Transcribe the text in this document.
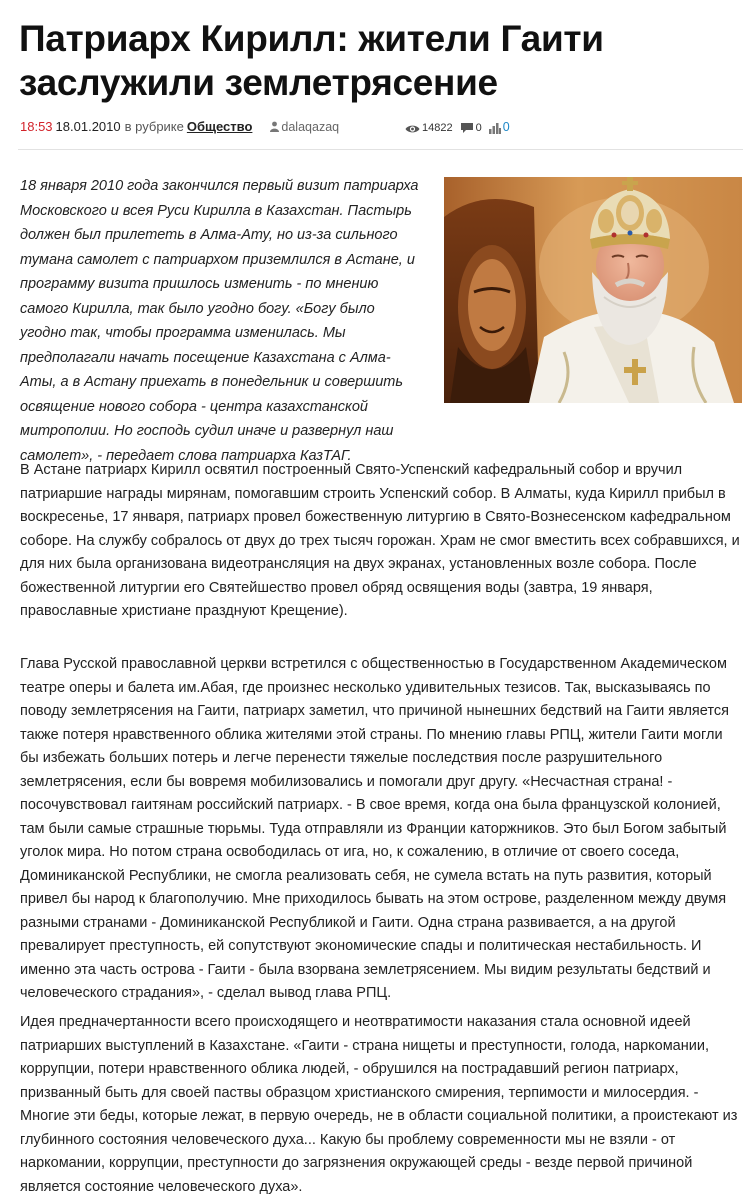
Патриарх Кирилл: жители Гаити заслужили землетрясение
18:53 18.01.2010 в рубрике Общество dalaqazaq	14822 0 0

18 января 2010 года закончился первый визит патриарха Московского и всея Руси Кирилла в Казахстан. Пастырь должен был прилететь в Алма-Ату, но из-за сильного тумана самолет с патриархом приземлился в Астане, и программу визита пришлось изменить - по мнению самого Кирилла, так было угодно богу. «Богу было угодно так, чтобы программа изменилась. Мы предполагали начать посещение Казахстана с Алма-Аты, а в Астану приехать в понедельник и совершить освящение нового собора - центра казахстанской митрополии. Но господь судил иначе и развернул наш самолет», - передает слова патриарха КазТАГ.

В Астане патриарх Кирилл освятил построенный Свято-Успенский кафедральный собор и вручил патриаршие награды мирянам, помогавшим строить Успенский собор. В Алматы, куда Кирилл прибыл в воскресенье, 17 января, патриарх провел божественную литургию в Свято-Вознесенском кафедральном соборе. На службу собралось от двух до трех тысяч горожан. Храм не смог вместить всех собравшихся, и для них была организована видеотрансляция на двух экранах, установленных возле собора. После божественной литургии его Святейшество провел обряд освящения воды (завтра, 19 января, православные христиане празднуют Крещение).

Глава Русской православной церкви встретился с общественностью в Государственном Академическом театре оперы и балета им.Абая, где произнес несколько удивительных тезисов. Так, высказываясь по поводу землетрясения на Гаити, патриарх заметил, что причиной нынешних бедствий на Гаити является также потеря нравственного облика жителями этой страны. По мнению главы РПЦ, жители Гаити могли бы избежать больших потерь и легче перенести тяжелые последствия после разрушительного землетрясения, если бы вовремя мобилизовались и помогали друг другу. «Несчастная страна! - посочувствовал гаитянам российский патриарх. - В свое время, когда она была французской колонией, там были самые страшные тюрьмы. Туда отправляли из Франции каторжников. Это был Богом забытый уголок мира. Но потом страна освободилась от ига, но, к сожалению, в отличие от своего соседа, Доминиканской Республики, не смогла реализовать себя, не сумела встать на путь развития, который привел бы народ к благополучию. Мне приходилось бывать на этом острове, разделенном между двумя разными странами - Доминиканской Республикой и Гаити. Одна страна развивается, а на другой превалирует преступность, ей сопутствуют экономические спады и политическая нестабильность. И именно эта часть острова - Гаити - была взорвана землетрясением. Мы видим результаты бедствий и человеческого страдания», - сделал вывод глава РПЦ.

Идея предначертанности всего происходящего и неотвратимости наказания стала основной идеей патриарших выступлений в Казахстане. «Гаити - страна нищеты и преступности, голода, наркомании, коррупции, потери нравственного облика людей, - обрушился на пострадавший регион патриарх, призванный быть для своей паствы образцом христианского смирения, терпимости и милосердия. - Многие эти беды, которые лежат, в первую очередь, не в области социальной политики, а проистекают из глубинного состояния человеческого духа... Какую бы проблему современности мы не взяли - от наркомании, коррупции, преступности до загрязнения окружающей среды - везде первой причиной является состояние человеческого духа».
